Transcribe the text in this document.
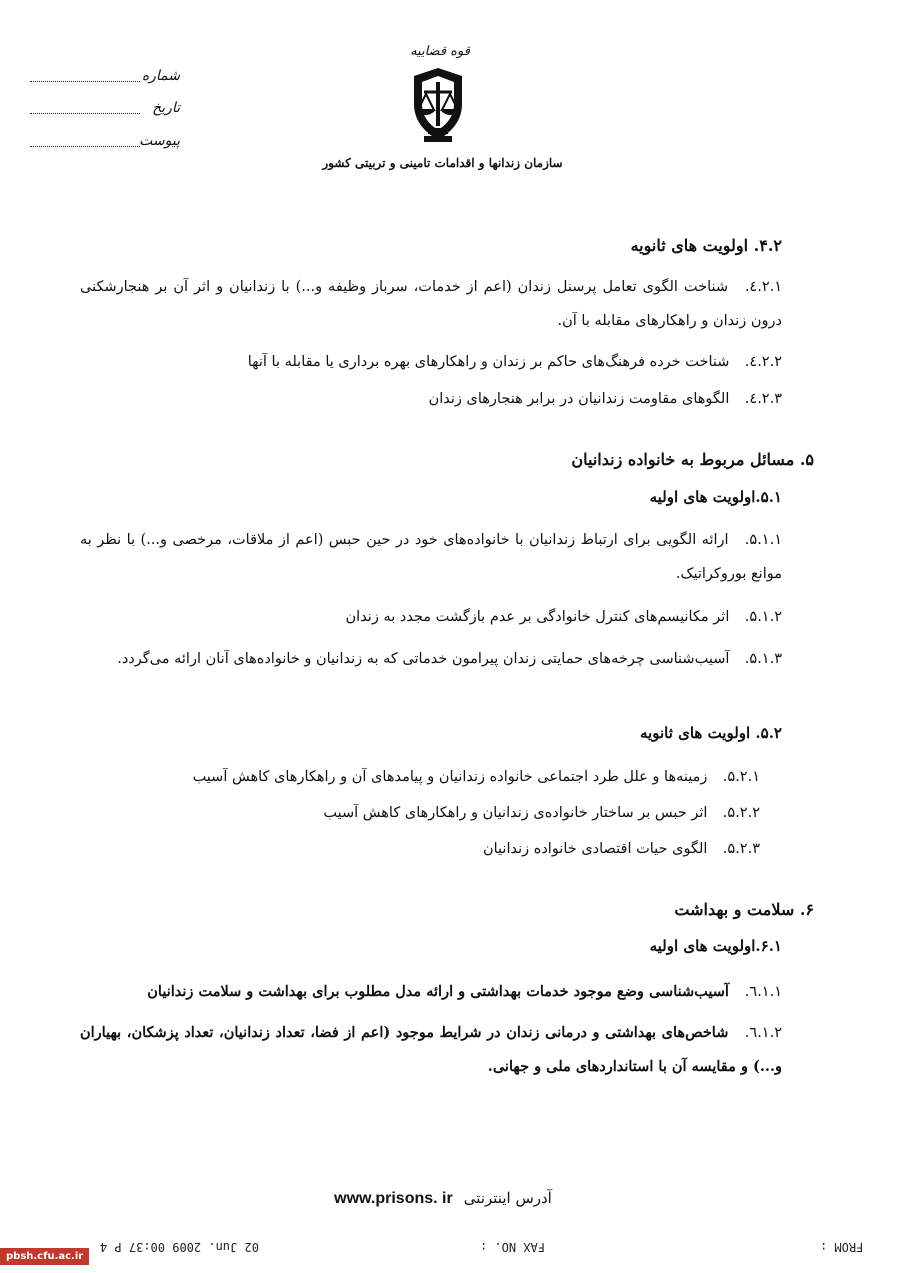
شماره
تاریخ
پیوست
قوه قضاییه
سازمان زندانها و اقدامات تامینی و تربیتی کشور
۴.۲. اولویت های ثانویه
٤.٢.١. شناخت الگوی تعامل پرسنل زندان (اعم از خدمات، سرباز وظیفه و...) با زندانیان و اثر آن بر هنجارشکنی درون زندان و راهکارهای مقابله با آن.
٤.٢.٢. شناخت خرده فرهنگ‌های حاکم بر زندان و راهکارهای بهره برداری یا مقابله با آنها
٤.٢.٣. الگوهای مقاومت زندانیان در برابر هنجارهای زندان
۵. مسائل مربوط به خانواده زندانیان
۵.۱.اولویت های اولیه
۵.۱.۱. ارائه الگویی برای ارتباط زندانیان با خانواده‌های خود در حین حبس (اعم از ملاقات، مرخصی و...) با نظر به موانع بوروکراتیک.
۵.۱.۲. اثر مکانیسم‌های کنترل خانوادگی بر عدم بازگشت مجدد به زندان
۵.۱.۳. آسیب‌شناسی چرخه‌های حمایتی زندان پیرامون خدماتی که به زندانیان و خانواده‌های آنان ارائه می‌گردد.
۵.۲. اولویت های ثانویه
۵.۲.۱. زمینه‌ها و علل طرد اجتماعی خانواده زندانیان و پیامدهای آن و راهکارهای کاهش آسیب
۵.۲.۲. اثر حبس بر ساختار خانواده‌ی زندانیان و راهکارهای کاهش آسیب
۵.۲.۳. الگوی حیات اقتصادی خانواده زندانیان
۶. سلامت و بهداشت
۶.۱.اولویت های اولیه
٦.١.١. آسیب‌شناسی وضع موجود خدمات بهداشتی و ارائه مدل مطلوب برای بهداشت و سلامت زندانیان
٦.١.٢. شاخص‌های بهداشتی و درمانی زندان در شرایط موجود (اعم از فضا، تعداد زندانیان، تعداد پزشکان، بهیاران و...) و مقایسه آن با استانداردهای ملی و جهانی.
www.prisons. ir آدرس اینترنتی
02 Jun. 2009 00:37 P 4	FAX NO. :	FROM :
pbsh.cfu.ac.ir
